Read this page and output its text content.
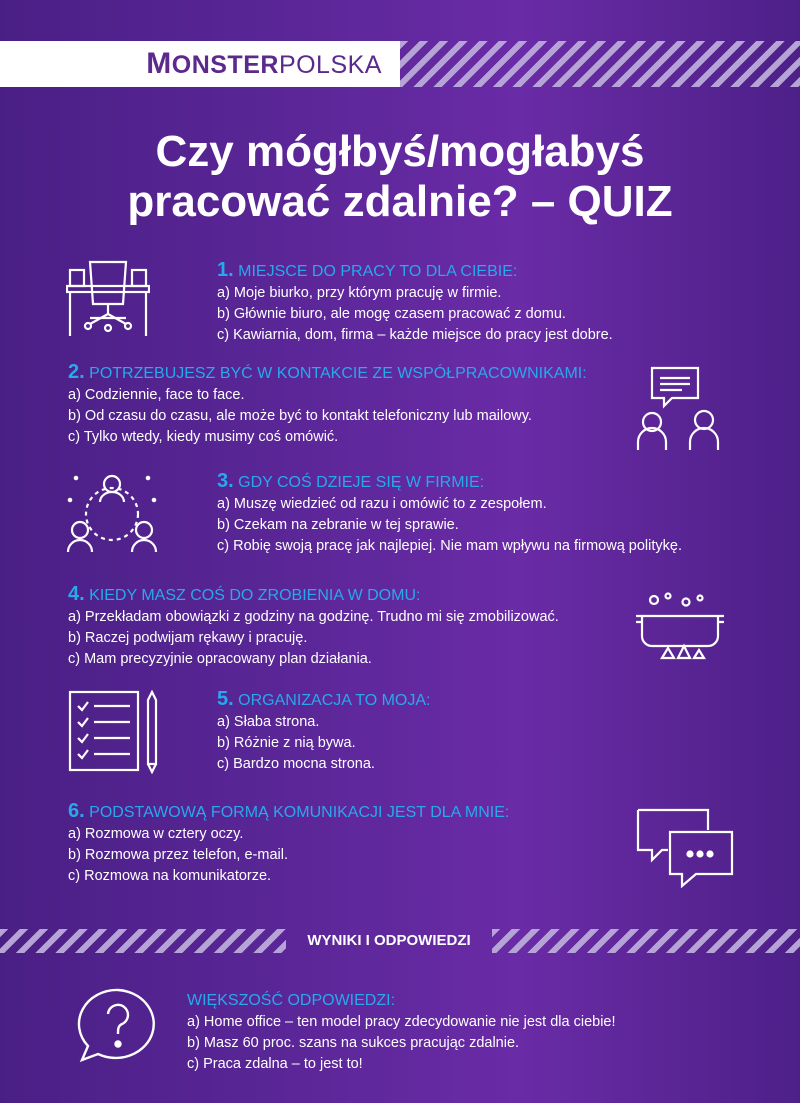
MONSTERPOLSKA
Czy mógłbyś/mogłabyś
pracować zdalnie? – QUIZ
1. MIEJSCE DO PRACY TO DLA CIEBIE:
a) Moje biurko, przy którym pracuję w firmie.
b) Głównie biuro, ale mogę czasem pracować z domu.
c) Kawiarnia, dom, firma – każde miejsce do pracy jest dobre.
2. POTRZEBUJESZ BYĆ W KONTAKCIE ZE WSPÓŁPRACOWNIKAMI:
a) Codziennie, face to face.
b) Od czasu do czasu, ale może być to kontakt telefoniczny lub mailowy.
c) Tylko wtedy, kiedy musimy coś omówić.
3. GDY COŚ DZIEJE SIĘ W FIRMIE:
a) Muszę wiedzieć od razu i omówić to z zespołem.
b) Czekam na zebranie w tej sprawie.
c) Robię swoją pracę jak najlepiej. Nie mam wpływu na firmową politykę.
4. KIEDY MASZ COŚ DO ZROBIENIA W DOMU:
a) Przekładam obowiązki z godziny na godzinę. Trudno mi się zmobilizować.
b) Raczej podwijam rękawy i pracuję.
c) Mam precyzyjnie opracowany plan działania.
5. ORGANIZACJA TO MOJA:
a) Słaba strona.
b) Różnie z nią bywa.
c) Bardzo mocna strona.
6. PODSTAWOWĄ FORMĄ KOMUNIKACJI JEST DLA MNIE:
a) Rozmowa w cztery oczy.
b) Rozmowa przez telefon, e-mail.
c) Rozmowa na komunikatorze.
WYNIKI I ODPOWIEDZI
WIĘKSZOŚĆ ODPOWIEDZI:
a) Home office – ten model pracy zdecydowanie nie jest dla ciebie!
b) Masz 60 proc. szans na sukces pracując zdalnie.
c) Praca zdalna – to jest to!
